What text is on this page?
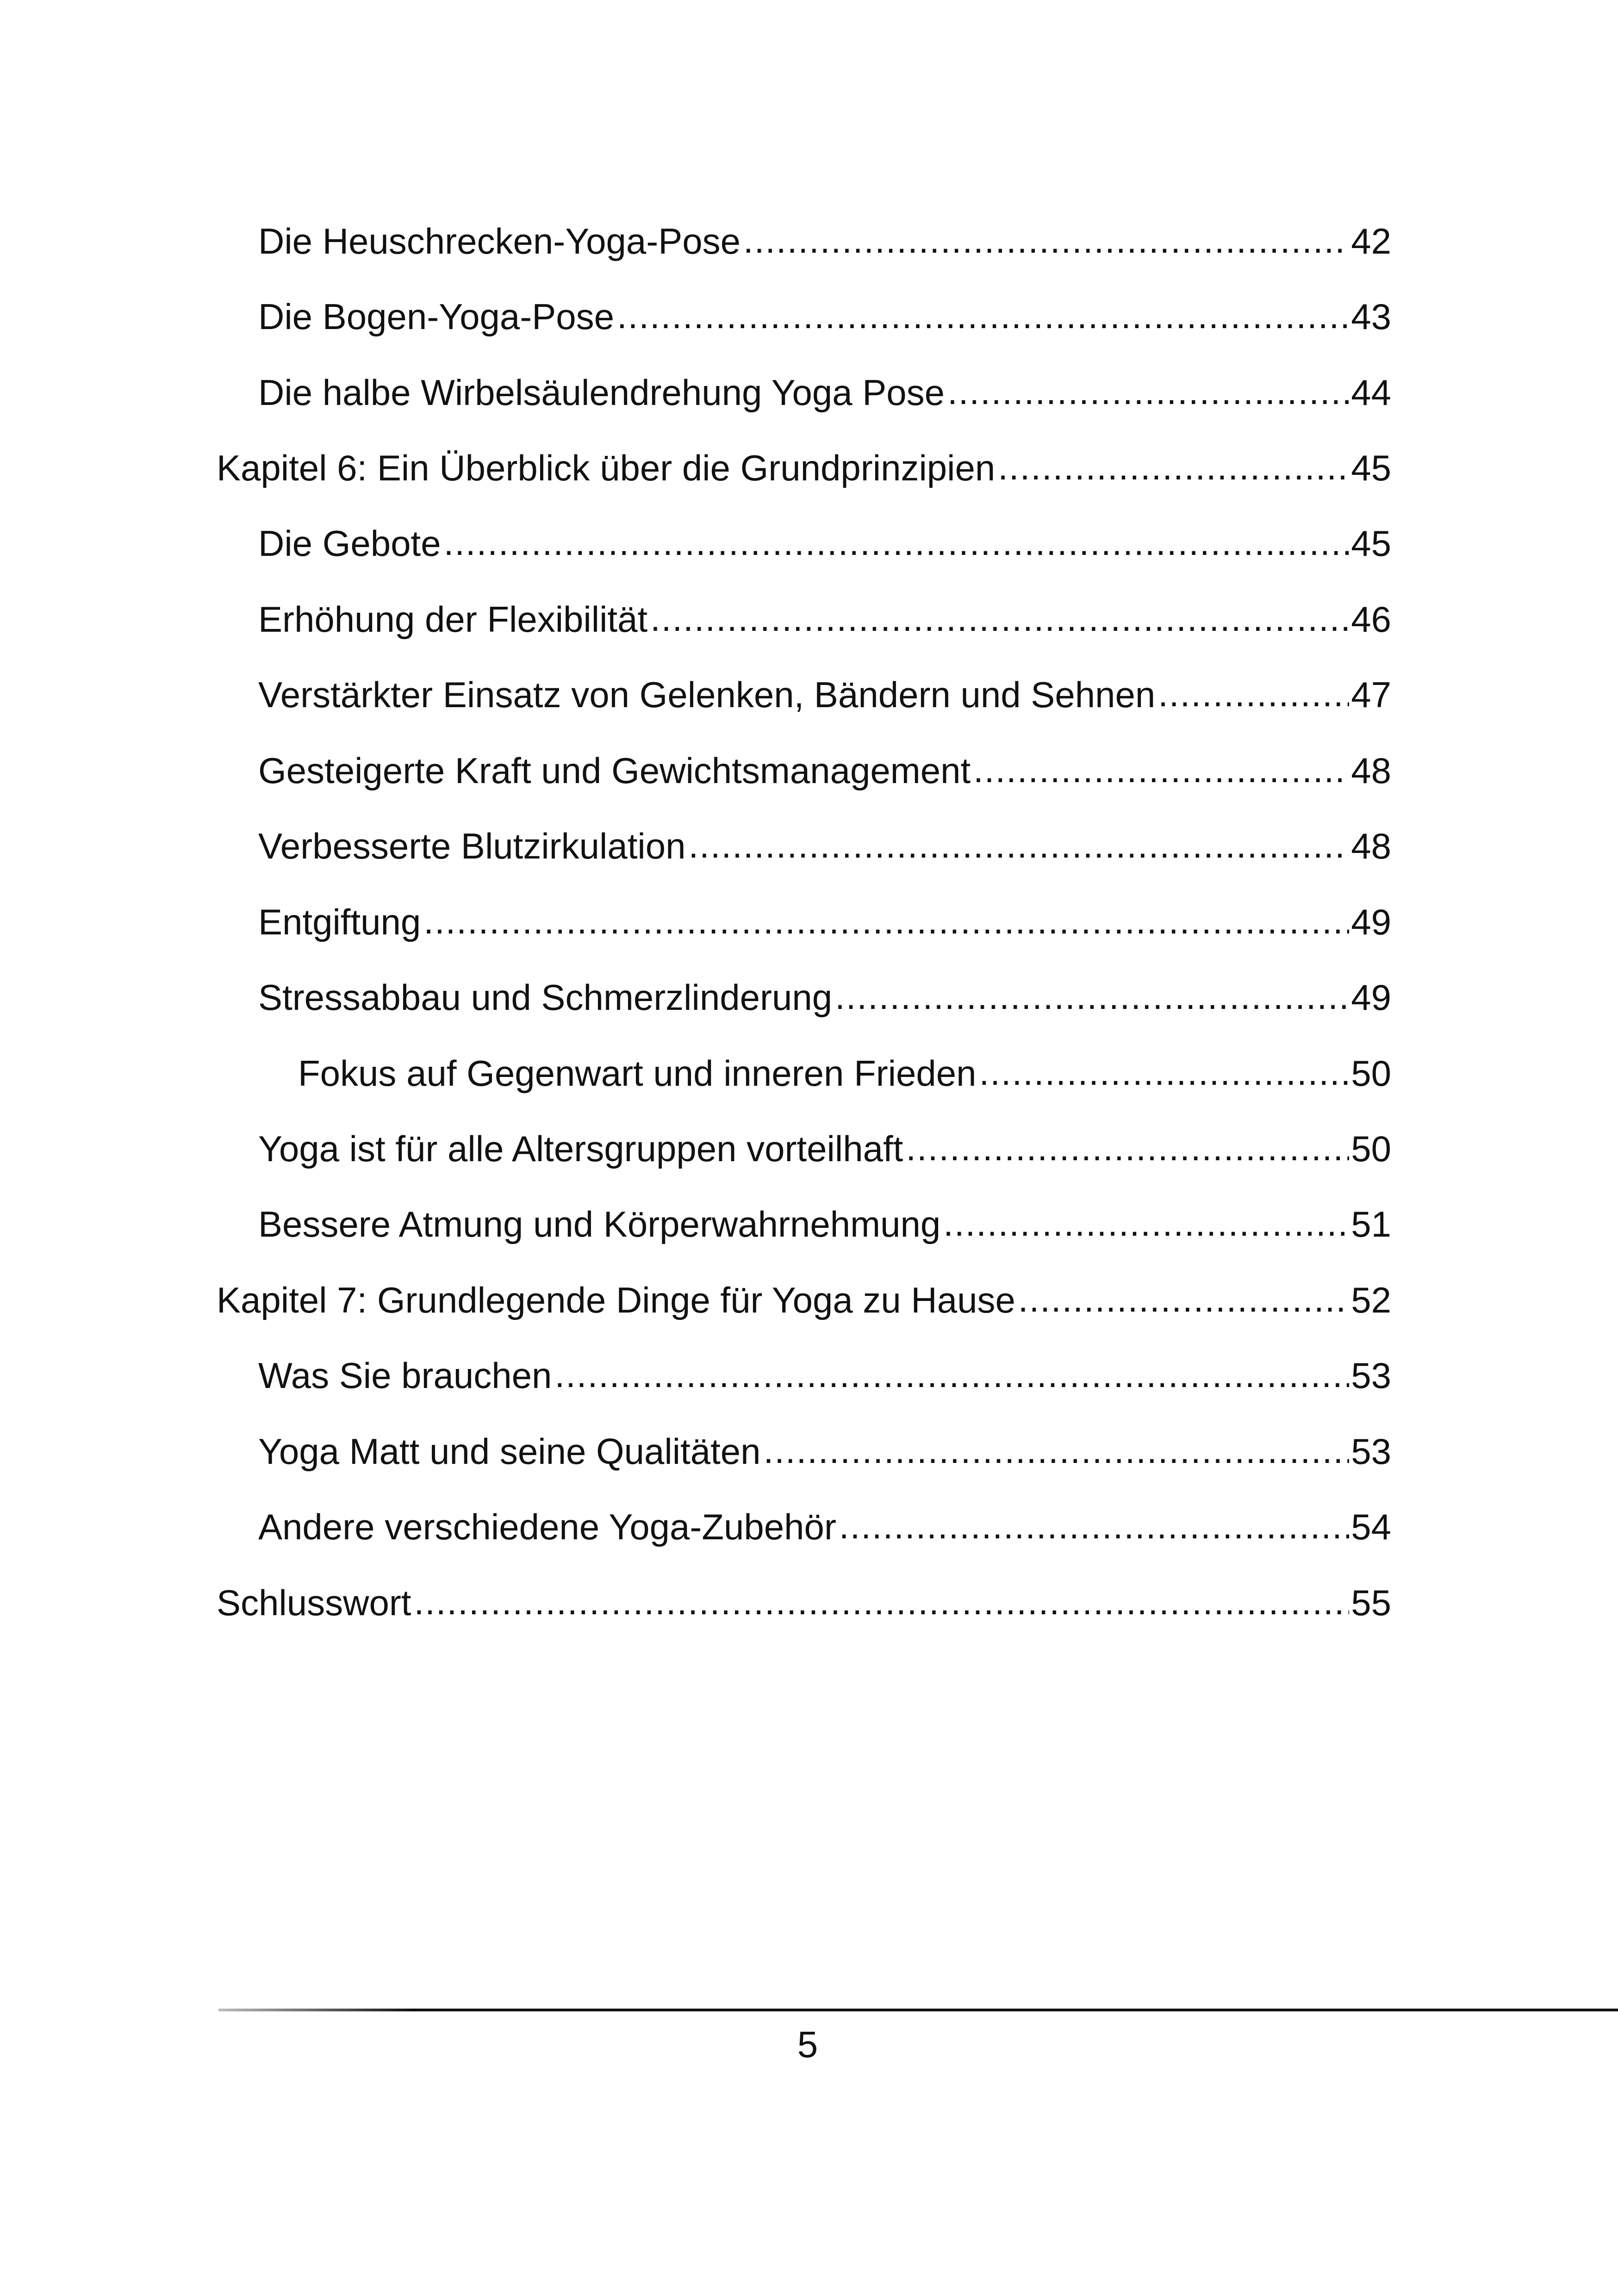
Die Heuschrecken-Yoga-Pose .....	42
Die Bogen-Yoga-Pose .....	43
Die halbe Wirbelsäulendrehung Yoga Pose .....	44
Kapitel 6: Ein Überblick über die Grundprinzipien .....	45
Die Gebote .....	45
Erhöhung der Flexibilität .....	46
Verstärkter Einsatz von Gelenken, Bändern und Sehnen .....	47
Gesteigerte Kraft und Gewichtsmanagement .....	48
Verbesserte Blutzirkulation .....	48
Entgiftung .....	49
Stressabbau und Schmerzlinderung .....	49
Fokus auf Gegenwart und inneren Frieden .....	50
Yoga ist für alle Altersgruppen vorteilhaft .....	50
Bessere Atmung und Körperwahrnehmung .....	51
Kapitel 7: Grundlegende Dinge für Yoga zu Hause .....	52
Was Sie brauchen .....	53
Yoga Matt und seine Qualitäten .....	53
Andere verschiedene Yoga-Zubehör .....	54
Schlusswort .....	55
5
